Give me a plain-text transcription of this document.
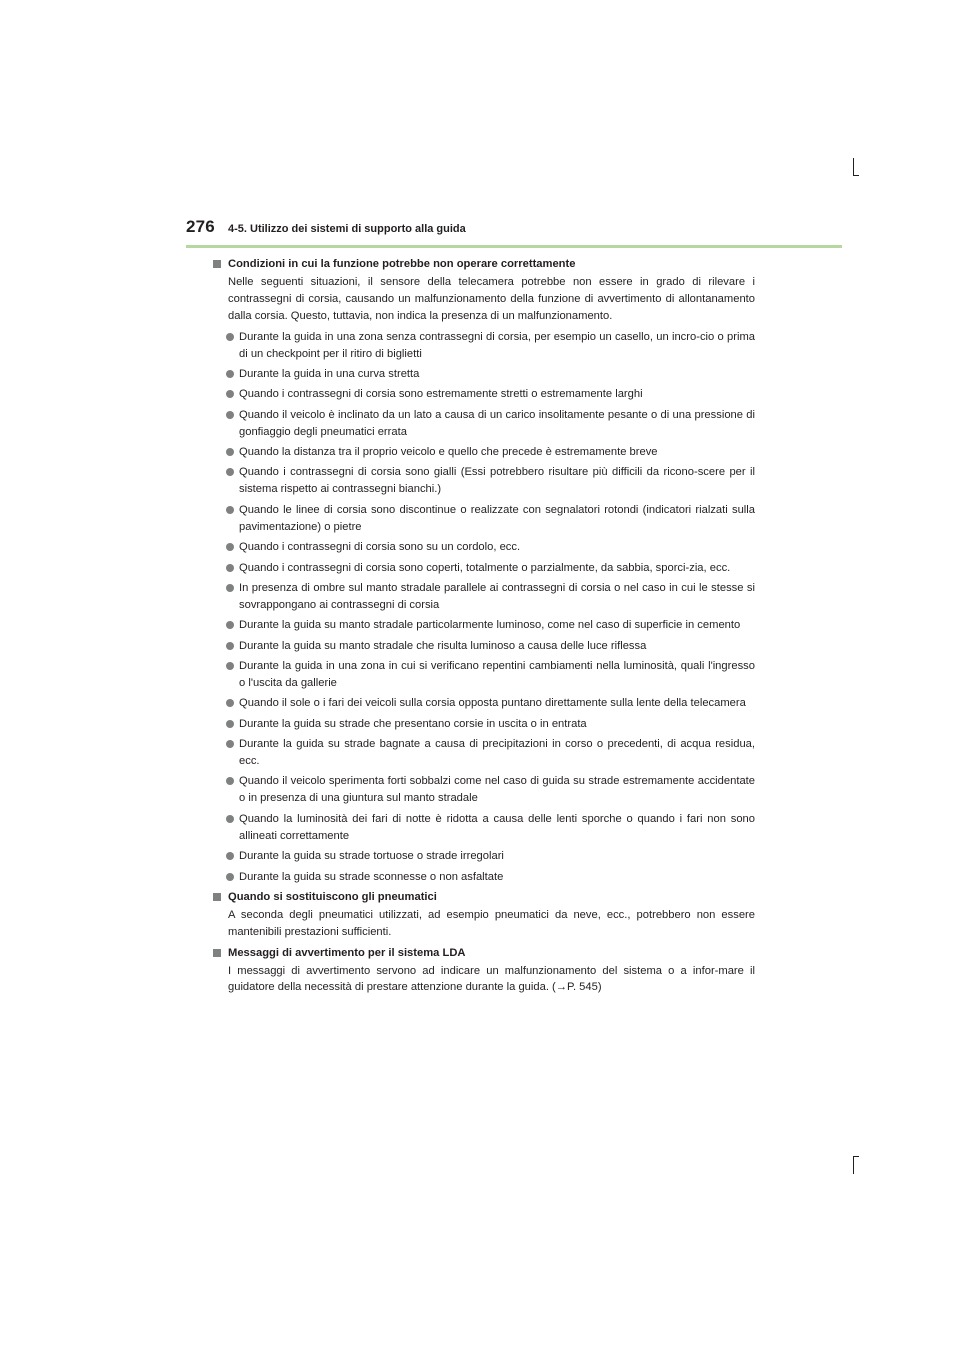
276 4-5. Utilizzo dei sistemi di supporto alla guida
Condizioni in cui la funzione potrebbe non operare correttamente
Nelle seguenti situazioni, il sensore della telecamera potrebbe non essere in grado di rilevare i contrassegni di corsia, causando un malfunzionamento della funzione di avvertimento di allontanamento dalla corsia. Questo, tuttavia, non indica la presenza di un malfunzionamento.
Durante la guida in una zona senza contrassegni di corsia, per esempio un casello, un incro-cio o prima di un checkpoint per il ritiro di biglietti
Durante la guida in una curva stretta
Quando i contrassegni di corsia sono estremamente stretti o estremamente larghi
Quando il veicolo è inclinato da un lato a causa di un carico insolitamente pesante o di una pressione di gonfiaggio degli pneumatici errata
Quando la distanza tra il proprio veicolo e quello che precede è estremamente breve
Quando i contrassegni di corsia sono gialli (Essi potrebbero risultare più difficili da ricono-scere per il sistema rispetto ai contrassegni bianchi.)
Quando le linee di corsia sono discontinue o realizzate con segnalatori rotondi (indicatori rialzati sulla pavimentazione) o pietre
Quando i contrassegni di corsia sono su un cordolo, ecc.
Quando i contrassegni di corsia sono coperti, totalmente o parzialmente, da sabbia, sporci-zia, ecc.
In presenza di ombre sul manto stradale parallele ai contrassegni di corsia o nel caso in cui le stesse si sovrappongano ai contrassegni di corsia
Durante la guida su manto stradale particolarmente luminoso, come nel caso di superficie in cemento
Durante la guida su manto stradale che risulta luminoso a causa delle luce riflessa
Durante la guida in una zona in cui si verificano repentini cambiamenti nella luminosità, quali l'ingresso o l'uscita da gallerie
Quando il sole o i fari dei veicoli sulla corsia opposta puntano direttamente sulla lente della telecamera
Durante la guida su strade che presentano corsie in uscita o in entrata
Durante la guida su strade bagnate a causa di precipitazioni in corso o precedenti, di acqua residua, ecc.
Quando il veicolo sperimenta forti sobbalzi come nel caso di guida su strade estremamente accidentate o in presenza di una giuntura sul manto stradale
Quando la luminosità dei fari di notte è ridotta a causa delle lenti sporche o quando i fari non sono allineati correttamente
Durante la guida su strade tortuose o strade irregolari
Durante la guida su strade sconnesse o non asfaltate
Quando si sostituiscono gli pneumatici
A seconda degli pneumatici utilizzati, ad esempio pneumatici da neve, ecc., potrebbero non essere mantenibili prestazioni sufficienti.
Messaggi di avvertimento per il sistema LDA
I messaggi di avvertimento servono ad indicare un malfunzionamento del sistema o a infor-mare il guidatore della necessità di prestare attenzione durante la guida. (→P. 545)
